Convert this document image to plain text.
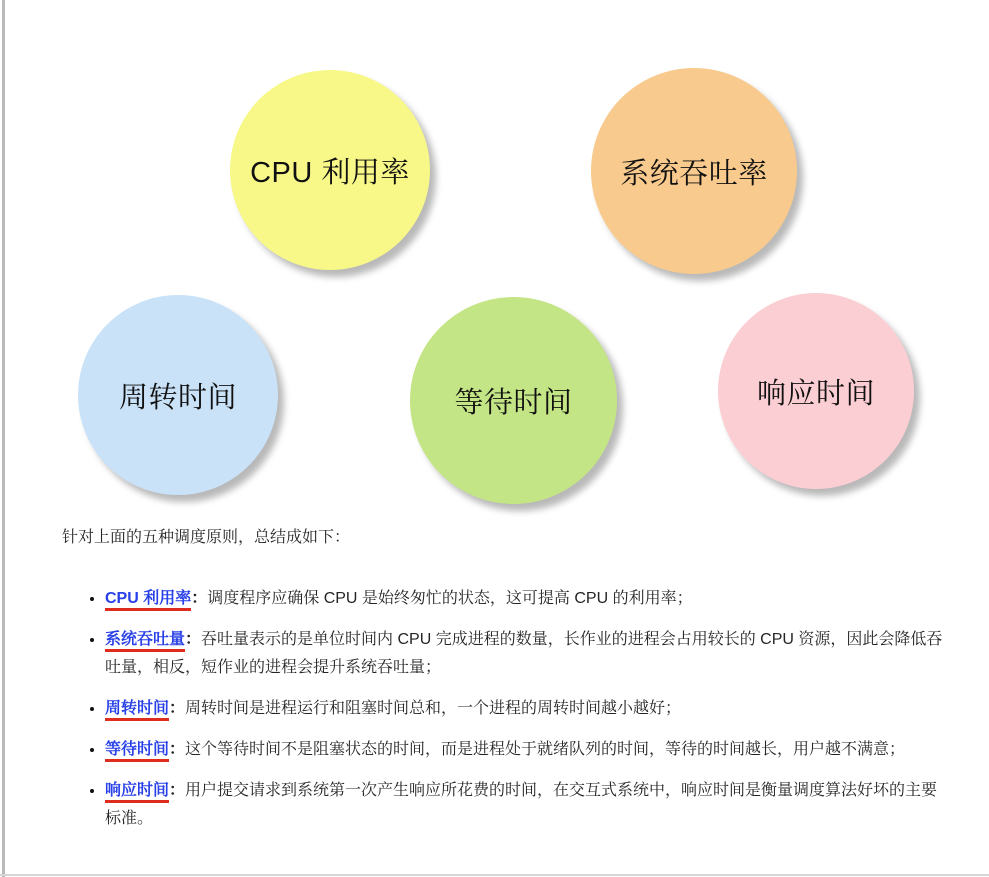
CPU 利用率	系统吞吐率
周转时间	等待时间	响应时间

针对上面的五种调度原则，总结成如下：

• CPU 利用率：调度程序应确保 CPU 是始终匆忙的状态，这可提高 CPU 的利用率；
• 系统吞吐量：吞吐量表示的是单位时间内 CPU 完成进程的数量，长作业的进程会占用较长的 CPU 资源，因此会降低吞吐量，相反，短作业的进程会提升系统吞吐量；
• 周转时间：周转时间是进程运行和阻塞时间总和，一个进程的周转时间越小越好；
• 等待时间：这个等待时间不是阻塞状态的时间，而是进程处于就绪队列的时间，等待的时间越长，用户越不满意；
• 响应时间：用户提交请求到系统第一次产生响应所花费的时间，在交互式系统中，响应时间是衡量调度算法好坏的主要标准。
